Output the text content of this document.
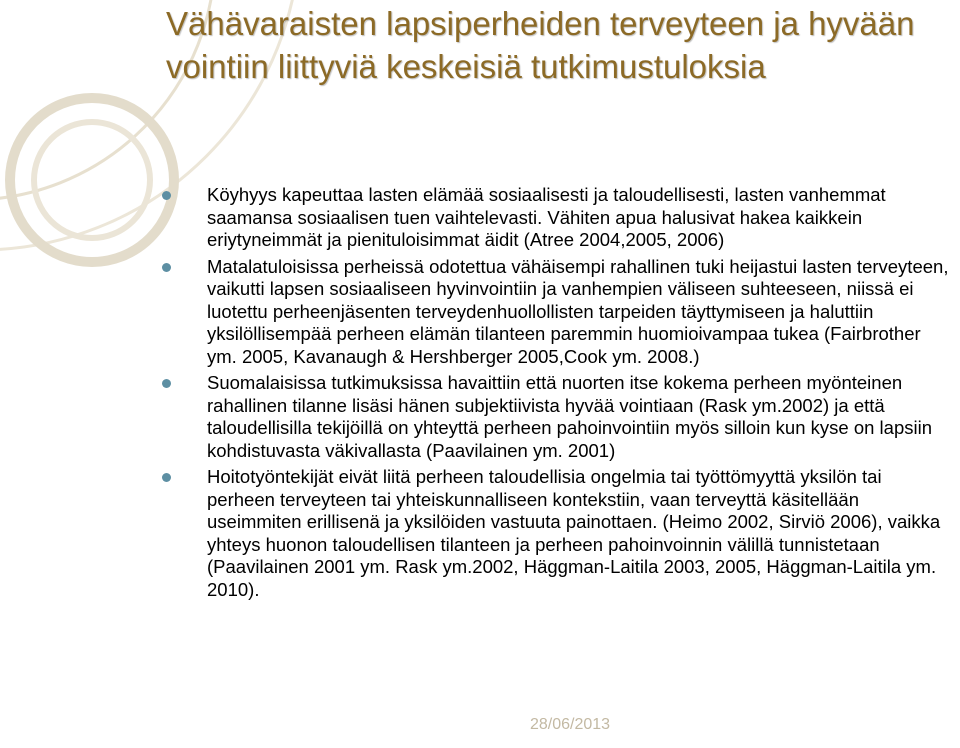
Vähävaraisten lapsiperheiden terveyteen ja hyvään vointiin liittyviä keskeisiä tutkimustuloksia
Köyhyys kapeuttaa lasten elämää sosiaalisesti ja taloudellisesti, lasten vanhemmat saamansa sosiaalisen tuen vaihtelevasti. Vähiten apua halusivat hakea kaikkein eriytyneimmät ja pienituloisimmat äidit (Atree 2004,2005, 2006)
Matalatuloisissa perheissä odotettua vähäisempi rahallinen tuki heijastui lasten terveyteen, vaikutti lapsen sosiaaliseen hyvinvointiin ja vanhempien väliseen suhteeseen, niissä ei luotettu perheenjäsenten terveydenhuollollisten tarpeiden täyttymiseen ja haluttiin yksilöllisempää perheen elämän tilanteen paremmin huomioivampaa tukea (Fairbrother ym. 2005, Kavanaugh & Hershberger 2005,Cook ym. 2008.)
Suomalaisissa tutkimuksissa havaittiin että nuorten itse kokema perheen myönteinen rahallinen tilanne lisäsi hänen subjektiivista hyvää vointiaan (Rask ym.2002) ja että taloudellisilla tekijöillä on yhteyttä perheen pahoinvointiin myös silloin kun kyse on lapsiin kohdistuvasta väkivallasta (Paavilainen ym. 2001)
Hoitotyöntekijät eivät liitä perheen taloudellisia ongelmia tai työttömyyttä yksilön tai perheen terveyteen tai yhteiskunnalliseen kontekstiin, vaan terveyttä käsitellään useimmiten erillisenä ja yksilöiden vastuuta painottaen. (Heimo 2002, Sirviö 2006), vaikka yhteys huonon taloudellisen tilanteen ja perheen pahoinvoinnin välillä tunnistetaan (Paavilainen 2001 ym. Rask ym.2002, Häggman-Laitila 2003, 2005, Häggman-Laitila ym. 2010).
28/06/2013
